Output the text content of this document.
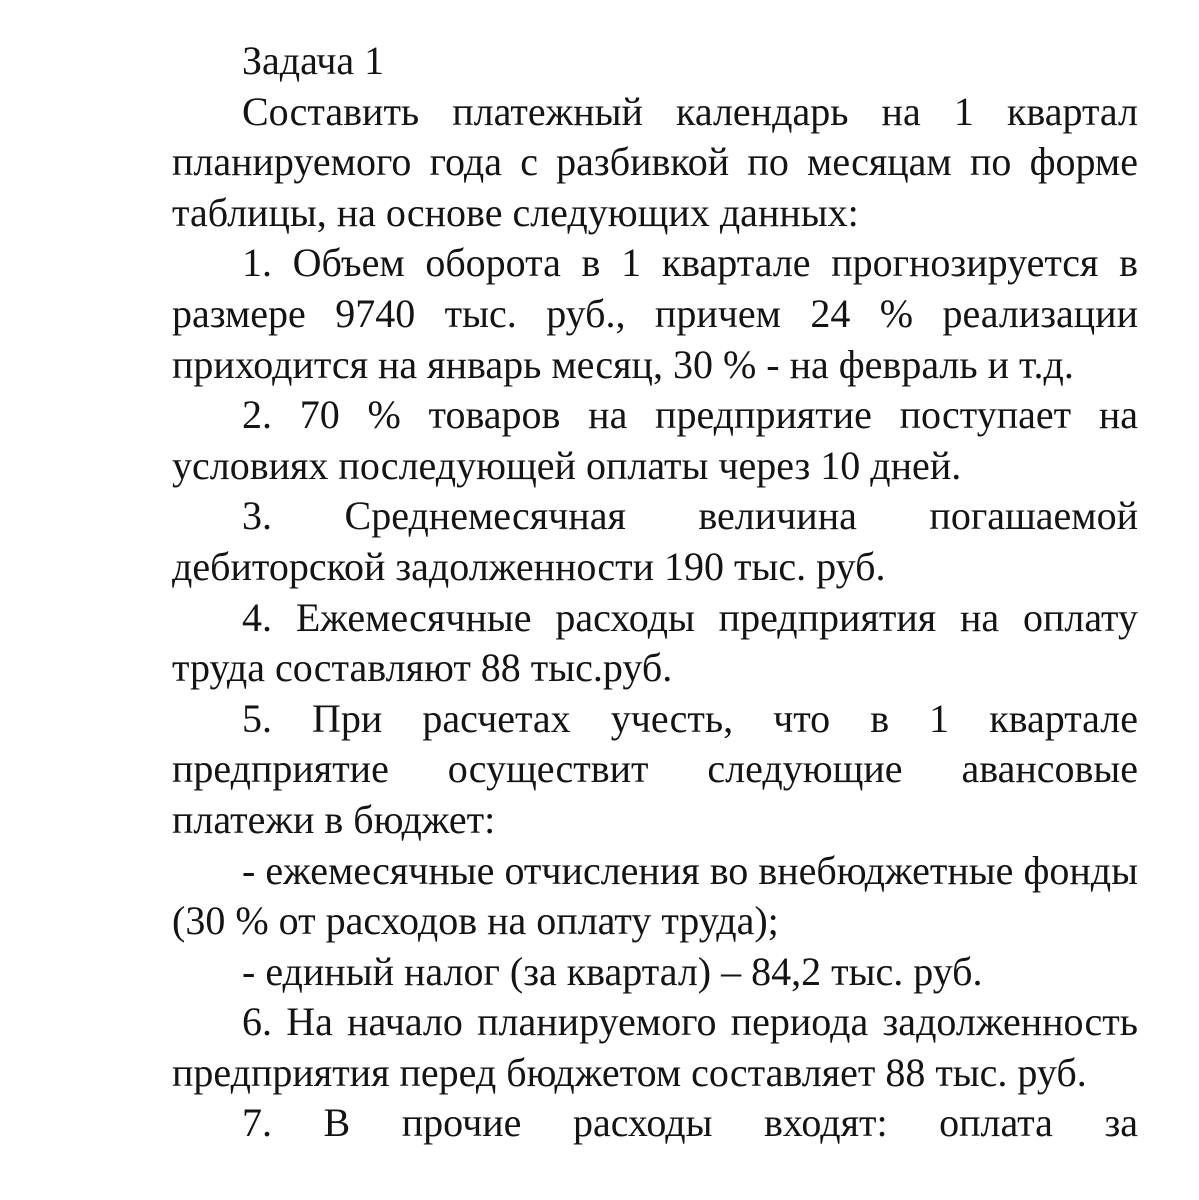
Задача 1

Составить платежный календарь на 1 квартал планируемого года с разбивкой по месяцам по форме таблицы, на основе следующих данных:

1. Объем оборота в 1 квартале прогнозируется в размере 9740 тыс. руб., причем 24 % реализации приходится на январь месяц, 30 % - на февраль и т.д.

2. 70 % товаров на предприятие поступает на условиях последующей оплаты через 10 дней.

3. Среднемесячная величина погашаемой дебиторской задолженности 190 тыс. руб.

4. Ежемесячные расходы предприятия на оплату труда составляют 88 тыс.руб.

5. При расчетах учесть, что в 1 квартале предприятие осуществит следующие авансовые платежи в бюджет:

- ежемесячные отчисления во внебюджетные фонды (30 % от расходов на оплату труда);

- единый налог (за квартал) – 84,2 тыс. руб.

6. На начало планируемого периода задолженность предприятия перед бюджетом составляет 88 тыс. руб.

7. В прочие расходы входят: оплата за
